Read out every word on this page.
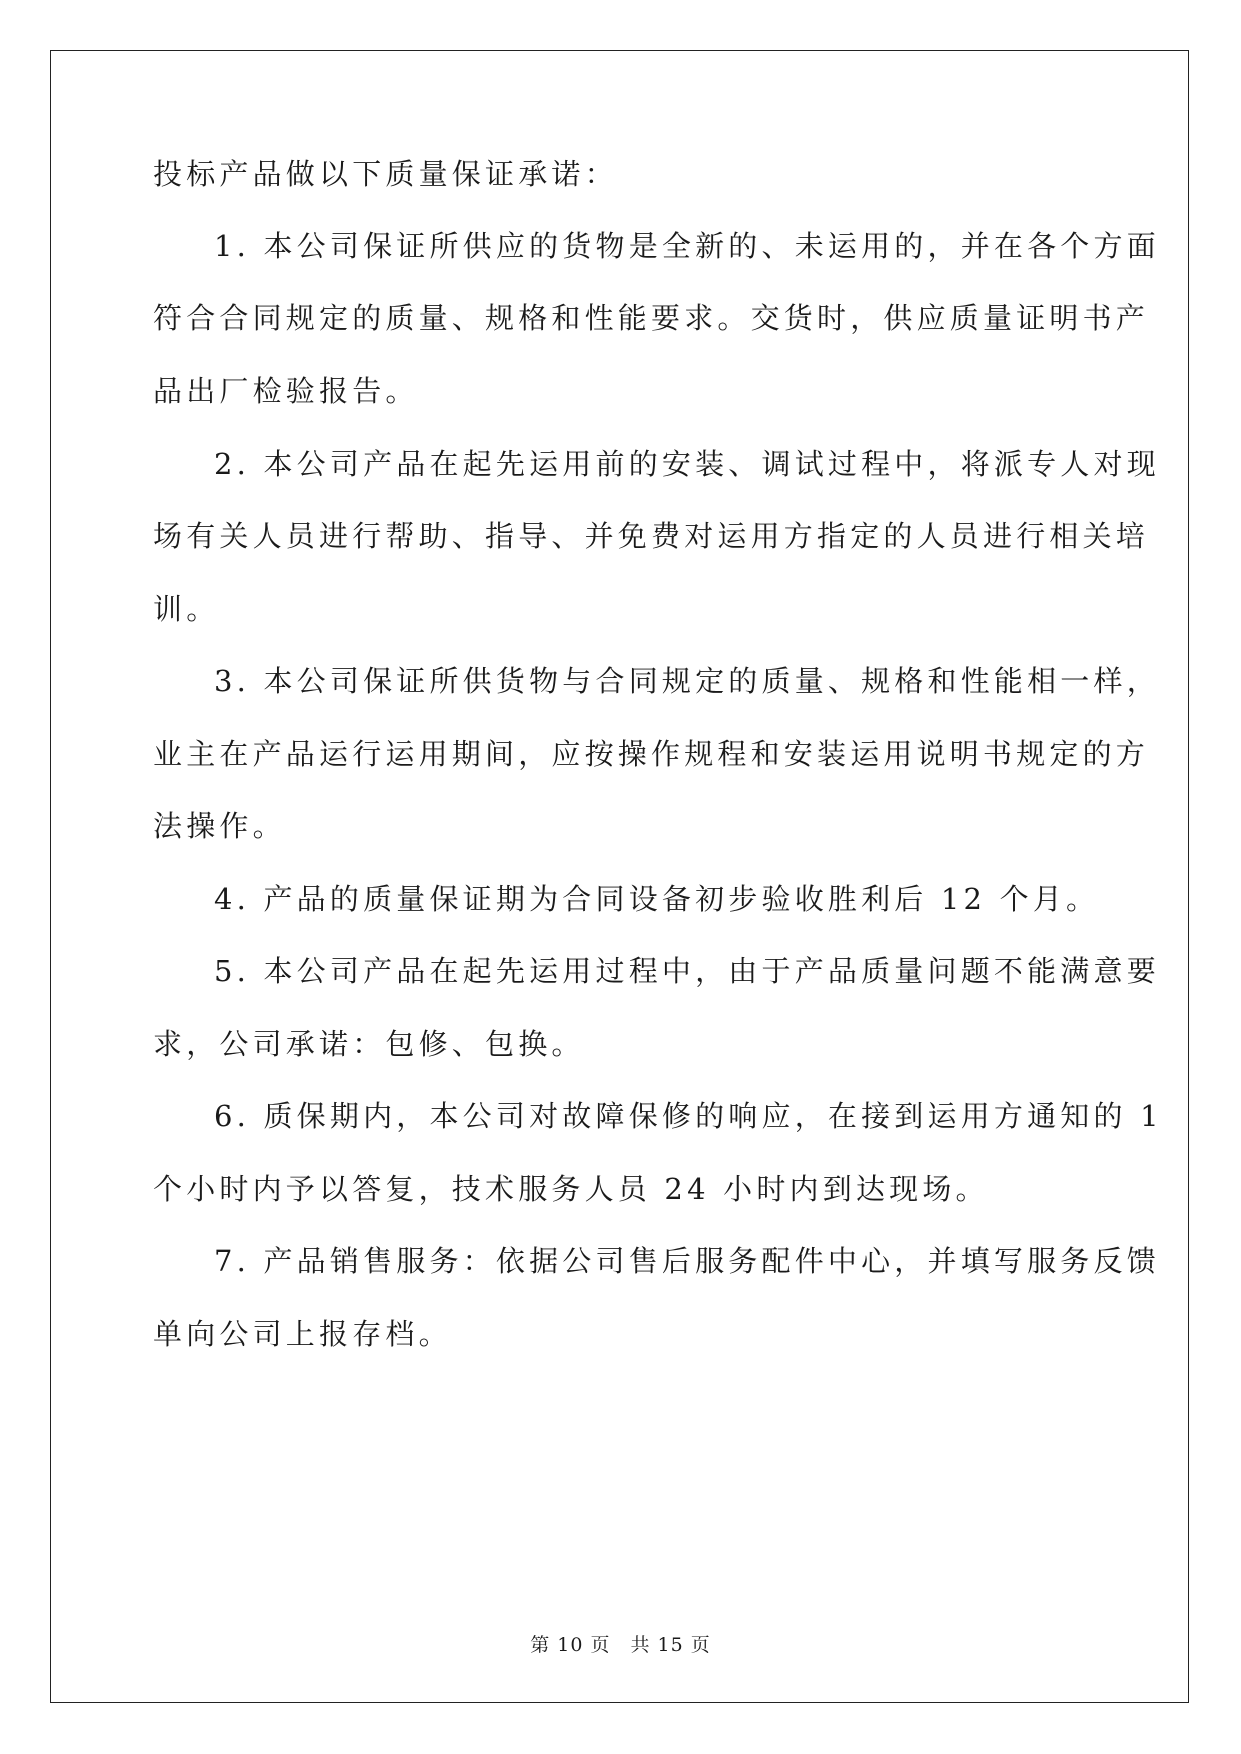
投标产品做以下质量保证承诺：
1. 本公司保证所供应的货物是全新的、未运用的，并在各个方面
符合合同规定的质量、规格和性能要求。交货时，供应质量证明书产
品出厂检验报告。
2. 本公司产品在起先运用前的安装、调试过程中，将派专人对现
场有关人员进行帮助、指导、并免费对运用方指定的人员进行相关培
训。
3. 本公司保证所供货物与合同规定的质量、规格和性能相一样，
业主在产品运行运用期间，应按操作规程和安装运用说明书规定的方
法操作。
4. 产品的质量保证期为合同设备初步验收胜利后 12 个月。
5. 本公司产品在起先运用过程中，由于产品质量问题不能满意要
求，公司承诺：包修、包换。
6. 质保期内，本公司对故障保修的响应，在接到运用方通知的 1
个小时内予以答复，技术服务人员 24 小时内到达现场。
7. 产品销售服务：依据公司售后服务配件中心，并填写服务反馈
单向公司上报存档。
第 10 页　共 15 页
